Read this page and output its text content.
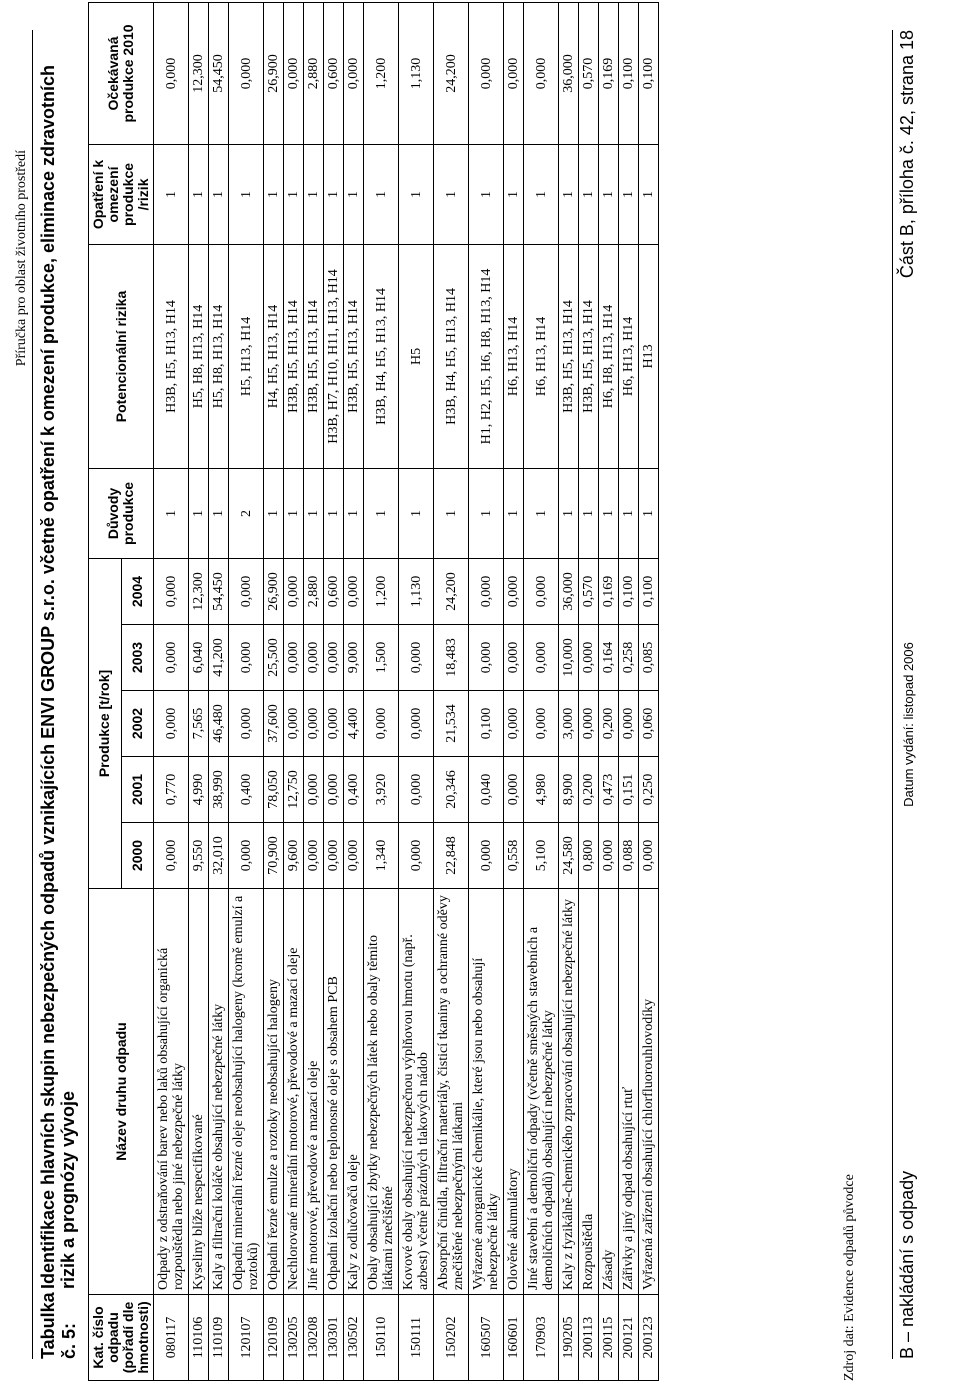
Příručka pro oblast životního prostředí
Tabulka č. 5:
Identifikace hlavních skupin nebezpečných odpadů vznikajících ENVI GROUP s.r.o. včetně opatření k omezení produkce, eliminace zdravotních rizik a prognózy vývoje
Kat. číslo odpadu (pořadí dle hmotnosti)	Název druhu odpadu	Produkce [t/rok]					Důvody produkce	Potencionální rizika	Opatření k omezení produkce /rizik	Očekávaná produkce 2010
		2000	2001	2002	2003	2004				
080117	Odpady z odstraňování barev nebo laků obsahující organická rozpouštědla nebo jiné nebezpečné látky	0,000	0,770	0,000	0,000	0,000	1	H3B, H5, H13, H14	1	0,000
110106	Kyseliny blíže nespecifikované	9,550	4,990	7,565	6,040	12,300	1	H5, H8, H13, H14	1	12,300
110109	Kaly a filtrační koláče obsahující nebezpečné látky	32,010	38,990	46,480	41,200	54,450	1	H5, H8, H13, H14	1	54,450
120107	Odpadní minerální řezné oleje neobsahující halogeny (kromě emulzí a roztoků)	0,000	0,400	0,000	0,000	0,000	2	H5, H13, H14	1	0,000
120109	Odpadní řezné emulze a roztoky neobsahující halogeny	70,900	78,050	37,600	25,500	26,900	1	H4, H5, H13, H14	1	26,900
130205	Nechlorované minerální motorové, převodové a mazací oleje	9,600	12,750	0,000	0,000	0,000	1	H3B, H5, H13, H14	1	0,000
130208	Jiné motorové, převodové a mazací oleje	0,000	0,000	0,000	0,000	2,880	1	H3B, H5, H13, H14	1	2,880
130301	Odpadní izolační nebo teplonosné oleje s obsahem PCB	0,000	0,000	0,000	0,000	0,600	1	H3B, H7, H10, H11, H13, H14	1	0,600
130502	Kaly z odlučovačů oleje	0,000	0,400	4,400	9,000	0,000	1	H3B, H5, H13, H14	1	0,000
150110	Obaly obsahující zbytky nebezpečných látek nebo obaly těmito látkami znečištěné	1,340	3,920	0,000	1,500	1,200	1	H3B, H4, H5, H13, H14	1	1,200
150111	Kovové obaly obsahující nebezpečnou výplňovou hmotu (např. azbest) včetně prázdných tlakových nádob	0,000	0,000	0,000	0,000	1,130	1	H5	1	1,130
150202	Absorpční činidla, filtrační materiály, čisticí tkaniny a ochranné oděvy znečištěné nebezpečnými látkami	22,848	20,346	21,534	18,483	24,200	1	H3B, H4, H5, H13, H14	1	24,200
160507	Vyřazené anorganické chemikálie, které jsou nebo obsahují nebezpečné látky	0,000	0,040	0,100	0,000	0,000	1	H1, H2, H5, H6, H8, H13, H14	1	0,000
160601	Olověné akumulátory	0,558	0,000	0,000	0,000	0,000	1	H6, H13, H14	1	0,000
170903	Jiné stavební a demoliční odpady (včetně směsných stavebních a demoličních odpadů) obsahující nebezpečné látky	5,100	4,980	0,000	0,000	0,000	1	H6, H13, H14	1	0,000
190205	Kaly z fyzikálně-chemického zpracování obsahující nebezpečné látky	24,580	8,900	3,000	10,000	36,000	1	H3B, H5, H13, H14	1	36,000
200113	Rozpouštědla	0,800	0,200	0,000	0,000	0,570	1	H3B, H5, H13, H14	1	0,570
200115	Zásady	0,000	0,473	0,200	0,164	0,169	1	H6, H8, H13, H14	1	0,169
200121	Zářivky a jiný odpad obsahující rtuť	0,088	0,151	0,000	0,258	0,100	1	H6, H13, H14	1	0,100
200123	Vyřazená zařízení obsahující chlorfluorouhlovodíky	0,000	0,250	0,060	0,085	0,100	1	H13	1	0,100
Zdroj dat: Evidence odpadů původce B – nakládání s odpady
Datum vydání: listopad 2006
Část B, příloha č. 42, strana 18
